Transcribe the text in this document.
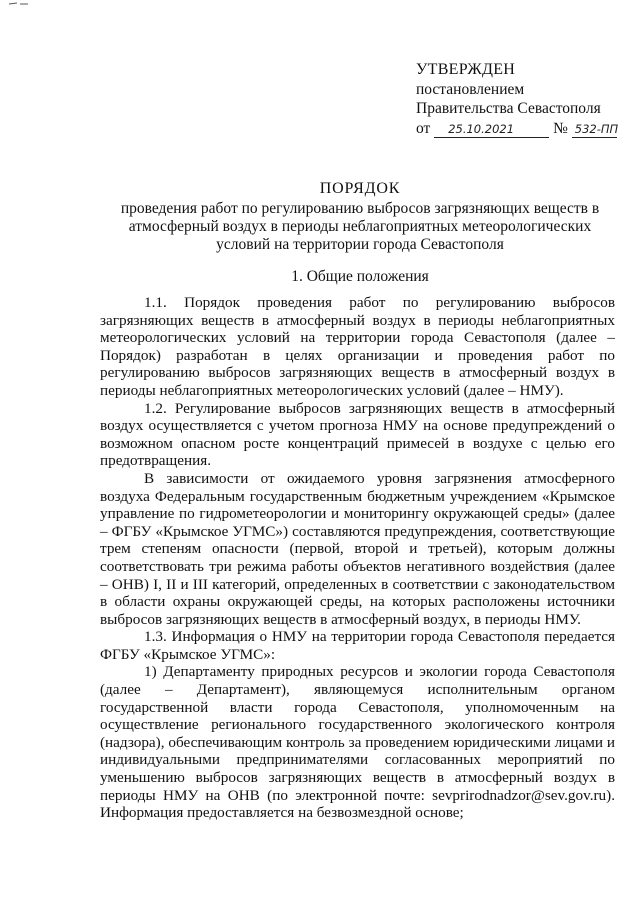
УТВЕРЖДЕН
постановлением
Правительства Севастополя
от 25.10.2021	№ 532-ПП
ПОРЯДОК
проведения работ по регулированию выбросов загрязняющих веществ в атмосферный воздух в периоды неблагоприятных метеорологических условий на территории города Севастополя
1. Общие положения

1.1. Порядок проведения работ по регулированию выбросов загрязняющих веществ в атмосферный воздух в периоды неблагоприятных метеорологических условий на территории города Севастополя (далее – Порядок) разработан в целях организации и проведения работ по регулированию выбросов загрязняющих веществ в атмосферный воздух в периоды неблагоприятных метеорологических условий (далее – НМУ).

1.2. Регулирование выбросов загрязняющих веществ в атмосферный воздух осуществляется с учетом прогноза НМУ на основе предупреждений о возможном опасном росте концентраций примесей в воздухе с целью его предотвращения.

В зависимости от ожидаемого уровня загрязнения атмосферного воздуха Федеральным государственным бюджетным учреждением «Крымское управление по гидрометеорологии и мониторингу окружающей среды» (далее – ФГБУ «Крымское УГМС») составляются предупреждения, соответствующие трем степеням опасности (первой, второй и третьей), которым должны соответствовать три режима работы объектов негативного воздействия (далее – ОНВ) I, II и III категорий, определенных в соответствии с законодательством в области охраны окружающей среды, на которых расположены источники выбросов загрязняющих веществ в атмосферный воздух, в периоды НМУ.

1.3. Информация о НМУ на территории города Севастополя передается ФГБУ «Крымское УГМС»:

1) Департаменту природных ресурсов и экологии города Севастополя (далее – Департамент), являющемуся исполнительным органом государственной власти города Севастополя, уполномоченным на осуществление регионального государственного экологического контроля (надзора), обеспечивающим контроль за проведением юридическими лицами и индивидуальными предпринимателями согласованных мероприятий по уменьшению выбросов загрязняющих веществ в атмосферный воздух в периоды НМУ на ОНВ (по электронной почте: sevprirodnadzor@sev.gov.ru). Информация предоставляется на безвозмездной основе;
